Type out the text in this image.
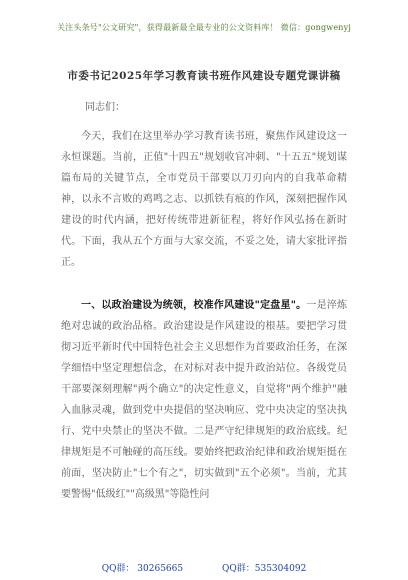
关注头条号"公文研究"，获得最新最全最专业的公文资料库！ 微信：gongwenyj
市委书记2025年学习教育读书班作风建设专题党课讲稿
同志们：

今天，我们在这里举办学习教育读书班，聚焦作风建设这一永恒课题。当前，正值"十四五"规划收官冲刺、"十五五"规划谋篇布局的关键节点，全市党员干部要以刀刃向内的自我革命精神，以永不言败的鸡鸣之志、以抓铁有痕的作风，深刻把握作风建设的时代内涵，把好传统带进新征程，将好作风弘扬在新时代。下面，我从五个方面与大家交流，不妥之处，请大家批评指正。

一、以政治建设为统领，校准作风建设"定盘星"。一是淬炼绝对忠诚的政治品格。政治建设是作风建设的根基。要把学习贯彻习近平新时代中国特色社会主义思想作为首要政治任务，在深学细悟中坚定理想信念，在对标对表中提升政治站位。各级党员干部要深刻理解"两个确立"的决定性意义，自觉将"两个维护"融入血脉灵魂，做到党中央提倡的坚决响应、党中央决定的坚决执行、党中央禁止的坚决不做。二是严守纪律规矩的政治底线。纪律规矩是不可触碰的高压线。要始终把政治纪律和政治规矩挺在前面，坚决防止"七个有之"，切实做到"五个必须"。当前，尤其要警惕"低级红""高级黑"等隐性问

QQ群： 30265665	QQ群：535304092
